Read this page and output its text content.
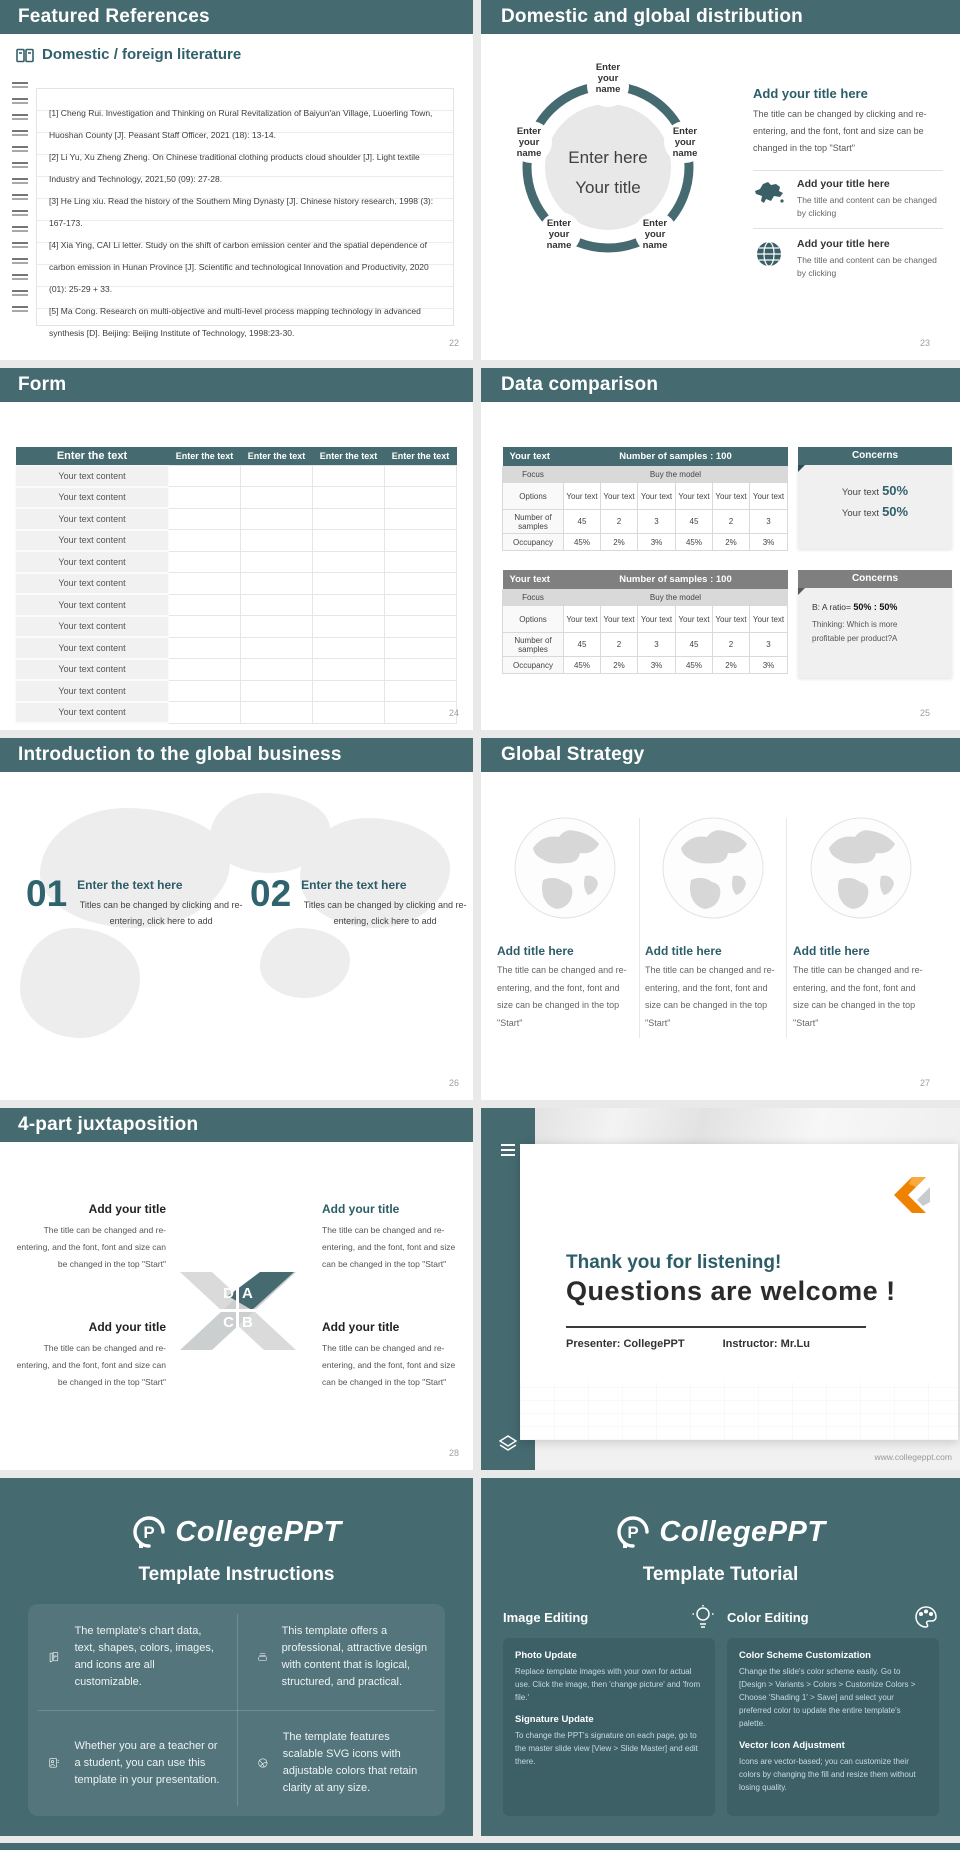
Featured References
Domestic / foreign literature

[1] Cheng Rui. Investigation and Thinking on Rural Revitalization of Baiyun'an Village, Luoerling Town, Huoshan County [J]. Peasant Staff Officer, 2021 (18): 13-14.

[2] Li Yu, Xu Zheng Zheng. On Chinese traditional clothing products cloud shoulder [J]. Light textile Industry and Technology, 2021,50 (09): 27-28.

[3] He Ling xiu. Read the history of the Southern Ming Dynasty [J]. Chinese history research, 1998 (3): 167-173.

[4] Xia Ying, CAI Li letter. Study on the shift of carbon emission center and the spatial dependence of carbon emission in Hunan Province [J]. Scientific and technological Innovation and Productivity, 2020 (01): 25-29 + 33.

[5] Ma Cong. Research on multi-objective and multi-level process mapping technology in advanced synthesis [D]. Beijing: Beijing Institute of Technology, 1998:23-30.

22
Domestic and global distribution
Enter here
Your title
Enter your name
Enter your name
Enter your name
Enter your name
Enter your name
Add your title here
The title can be changed by clicking and re-entering, and the font, font and size can be changed in the top "Start"
Add your title here
The title and content can be changed by clicking
Add your title here
The title and content can be changed by clicking
23
Form
Enter the text	Enter the text	Enter the text	Enter the text	Enter the text
Your text content				
Your text content				
Your text content				
Your text content				
Your text content				
Your text content				
Your text content				
Your text content				
Your text content				
Your text content				
Your text content				
Your text content					24
Data comparison
Your text	Number of samples : 100					
Focus	Buy the model					
Options	Your text	Your text	Your text	Your text	Your text	Your text
Number of samples	45	2	3	45	2	3
Occupancy	45%	2%	3%	45%	2%	3%
Your text	Number of samples : 100					
Focus	Buy the model					
Options	Your text	Your text	Your text	Your text	Your text	Your text
Number of samples	45	2	3	45	2	3
Occupancy	45%	2%	3%	45%	2%	3%
Concerns
Your text 50%
Your text 50%
Concerns
B: A ratio= 50% : 50%
Thinking: Which is more profitable per product?A
25
Introduction to the global business
01 Enter the text here

Titles can be changed by clicking and re-entering, click here to add

02 Enter the text here

Titles can be changed by clicking and re-entering, click here to add

26
Global Strategy
Add title here

The title can be changed and re-entering, and the font, font and size can be changed in the top "Start"

Add title here

The title can be changed and re-entering, and the font, font and size can be changed in the top "Start"

Add title here

The title can be changed and re-entering, and the font, font and size can be changed in the top "Start"

27
4-part juxtaposition
Add your title

The title can be changed and re-entering, and the font, font and size can be changed in the top "Start"

Add your title

The title can be changed and re-entering, and the font, font and size can be changed in the top "Start"

Add your title

The title can be changed and re-entering, and the font, font and size can be changed in the top "Start"

Add your title

The title can be changed and re-entering, and the font, font and size can be changed in the top "Start"

D A
C B
28
Thank you for listening!
Questions are welcome !
Presenter: CollegePPT	Instructor: Mr.Lu
www.collegeppt.com
P CollegePPT
Template Instructions
P
The template's chart data, text, shapes, colors, images, and icons are all customizable.
This template offers a professional, attractive design with content that is logical, structured, and practical.
Whether you are a teacher or a student, you can use this template in your presentation.
The template features scalable SVG icons with adjustable colors that retain clarity at any size.
P CollegePPT
Template Tutorial
Image Editing
Photo Update

Replace template images with your own for actual use. Click the image, then 'change picture' and 'from file.'

Signature Update

To change the PPT's signature on each page, go to the master slide view [View > Slide Master] and edit there.

Color Editing
Color Scheme Customization

Change the slide's color scheme easily. Go to [Design > Variants > Colors > Customize Colors > Choose 'Shading 1' > Save] and select your preferred color to update the entire template's palette.

Vector Icon Adjustment

Icons are vector-based; you can customize their colors by changing the fill and resize them without losing quality.
